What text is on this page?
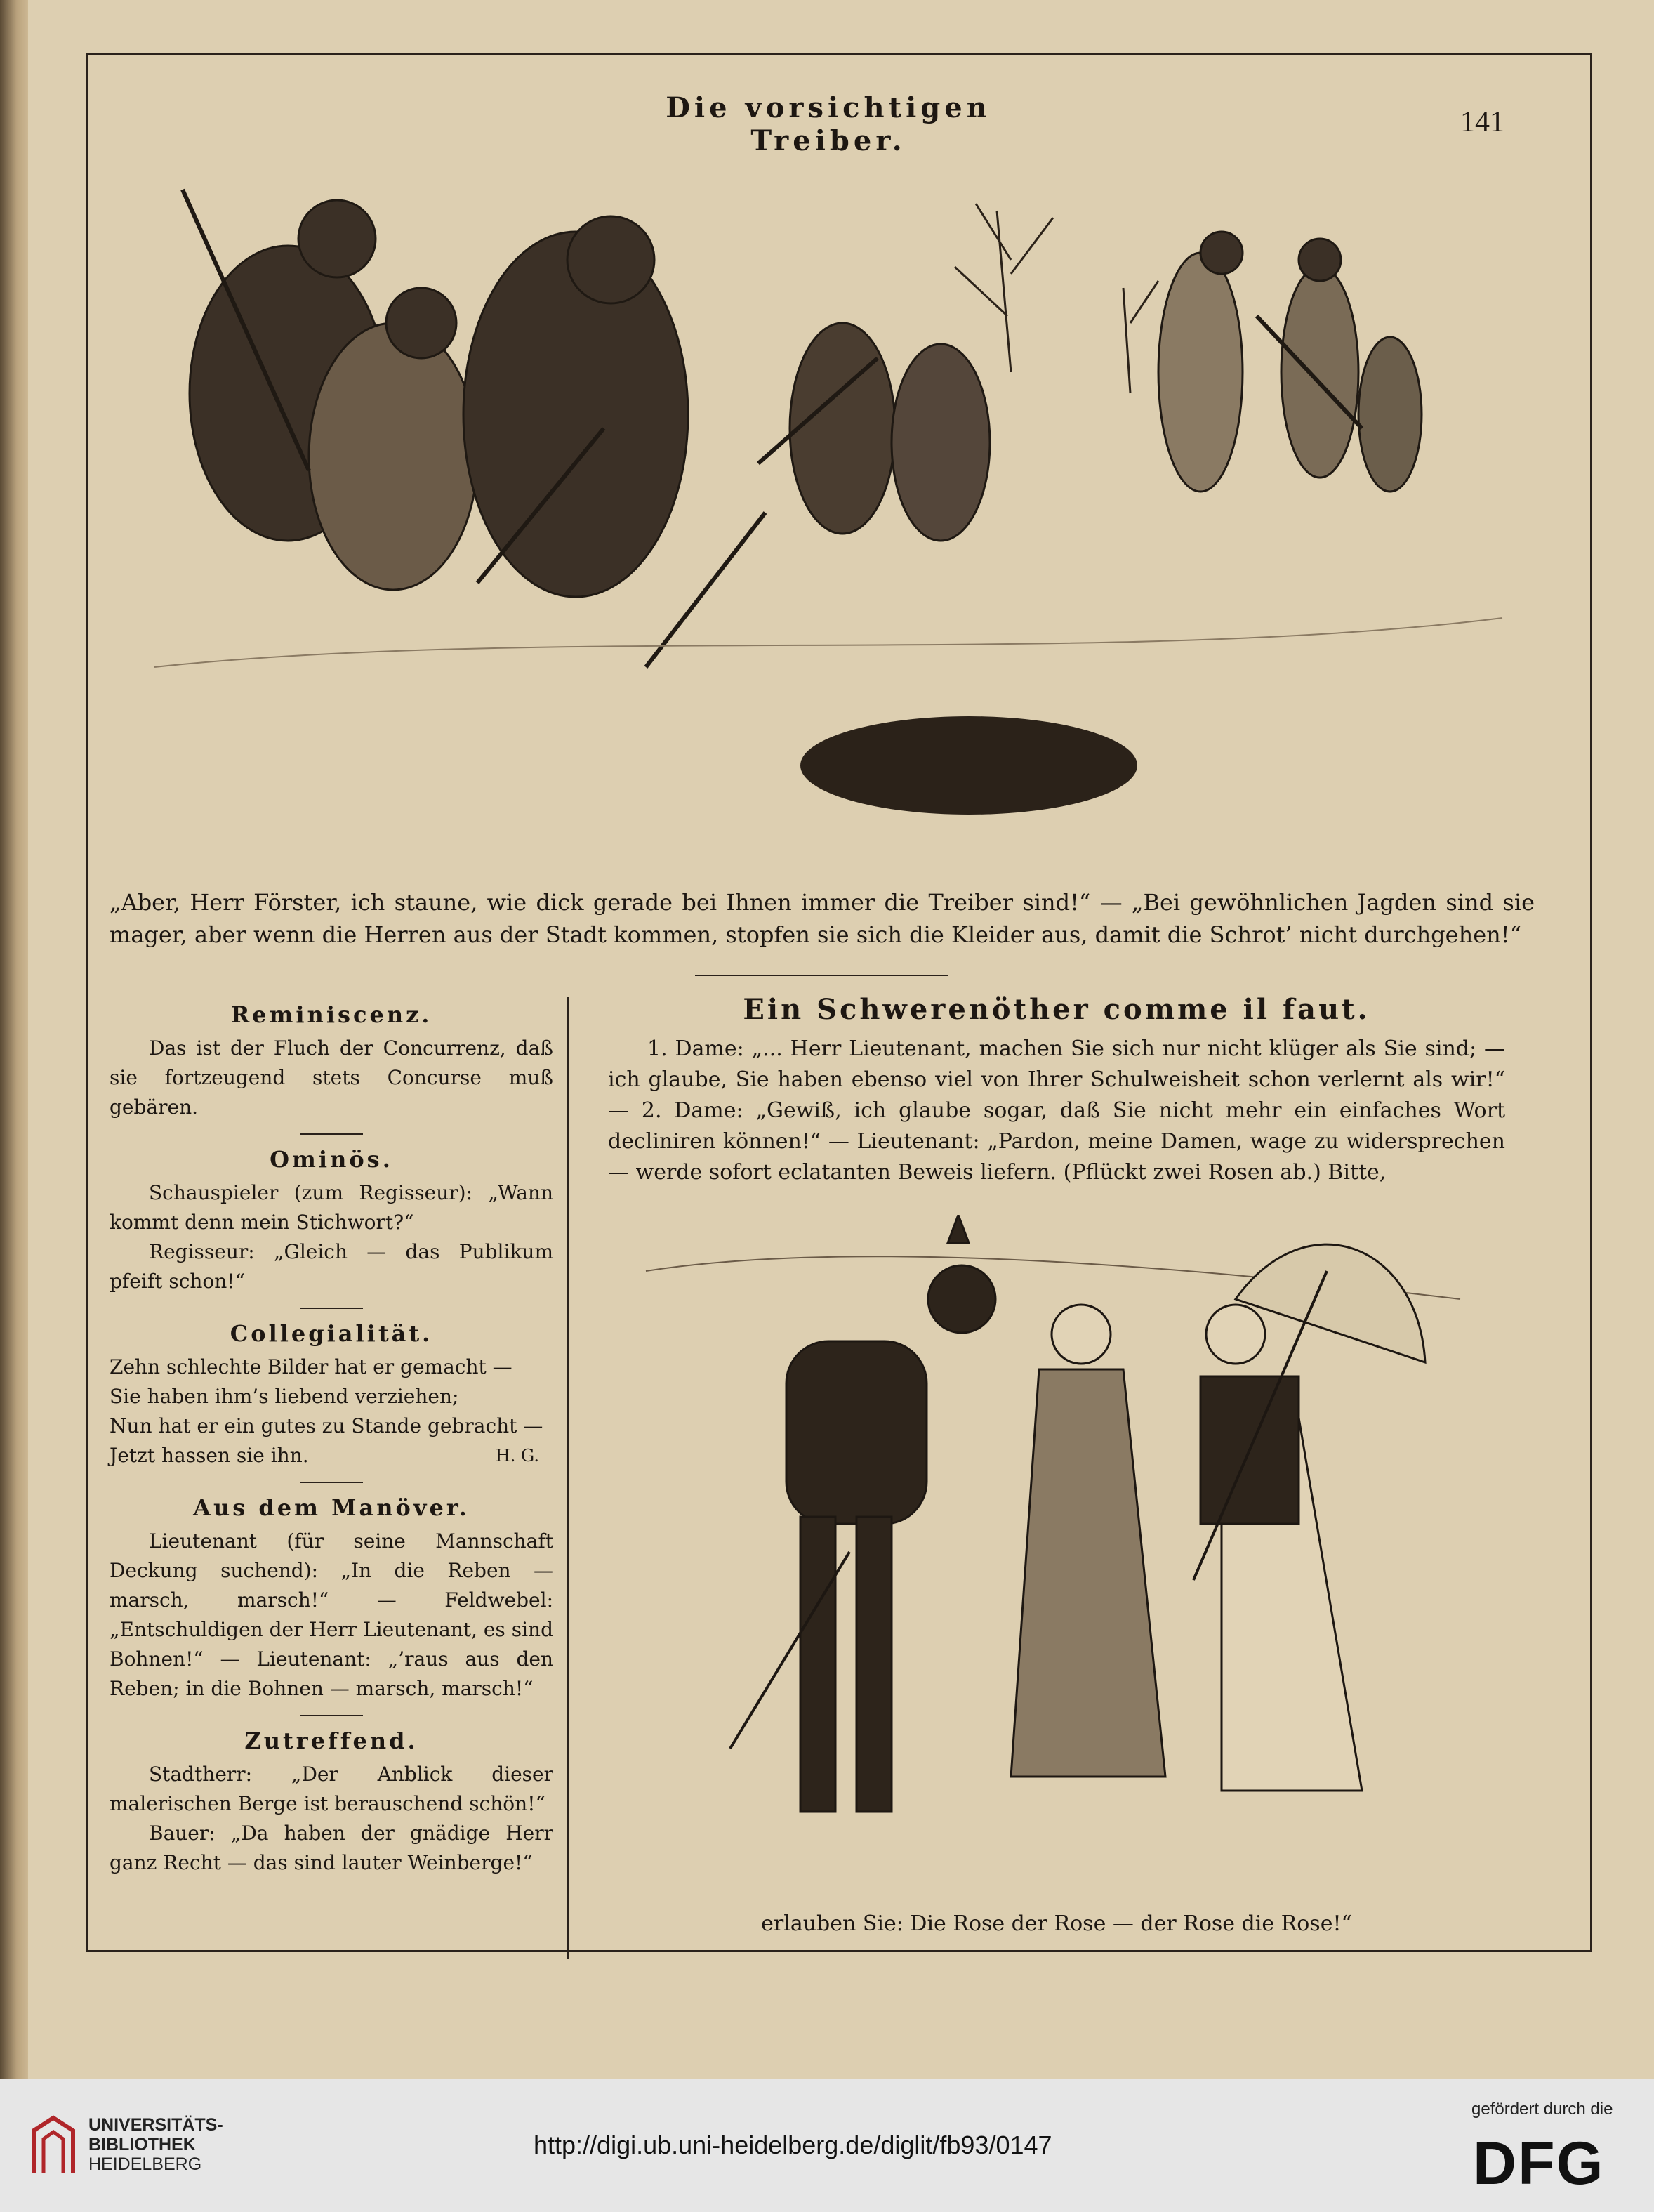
Die vorsichtigen Treiber.
141
„Aber, Herr Förster, ich staune, wie dick gerade bei Ihnen immer die Treiber sind!“ — „Bei gewöhnlichen Jagden sind sie mager, aber wenn die Herren aus der Stadt kommen, stopfen sie sich die Kleider aus, damit die Schrot’ nicht durchgehen!“
Reminiscenz.

Das ist der Fluch der Concurrenz, daß sie fortzeugend stets Concurse muß gebären.

Ominös.

Schauspieler (zum Regisseur): „Wann kommt denn mein Stichwort?“

Regisseur: „Gleich — das Publikum pfeift schon!“

Collegialität.

Zehn schlechte Bilder hat er gemacht —
Sie haben ihm’s liebend verziehen;
Nun hat er ein gutes zu Stande gebracht —
Jetzt hassen sie ihn.	H. G.
Aus dem Manöver.

Lieutenant (für seine Mannschaft Deckung suchend): „In die Reben — marsch, marsch!“ — Feldwebel: „Entschuldigen der Herr Lieutenant, es sind Bohnen!“ — Lieutenant: „’raus aus den Reben; in die Bohnen — marsch, marsch!“

Zutreffend.

Stadtherr: „Der Anblick dieser malerischen Berge ist berauschend schön!“

Bauer: „Da haben der gnädige Herr ganz Recht — das sind lauter Weinberge!“

Ein Schwerenöther comme il faut.

1. Dame: „... Herr Lieutenant, machen Sie sich nur nicht klüger als Sie sind; — ich glaube, Sie haben ebenso viel von Ihrer Schulweisheit schon verlernt als wir!“ — 2. Dame: „Gewiß, ich glaube sogar, daß Sie nicht mehr ein einfaches Wort decliniren können!“ — Lieutenant: „Pardon, meine Damen, wage zu widersprechen — werde sofort eclatanten Beweis liefern. (Pflückt zwei Rosen ab.) Bitte,

erlauben Sie: Die Rose der Rose — der Rose die Rose!“
UNIVERSITÄTS-
BIBLIOTHEK
HEIDELBERG
http://digi.ub.uni-heidelberg.de/diglit/fb93/0147
gefördert durch die
DFG
